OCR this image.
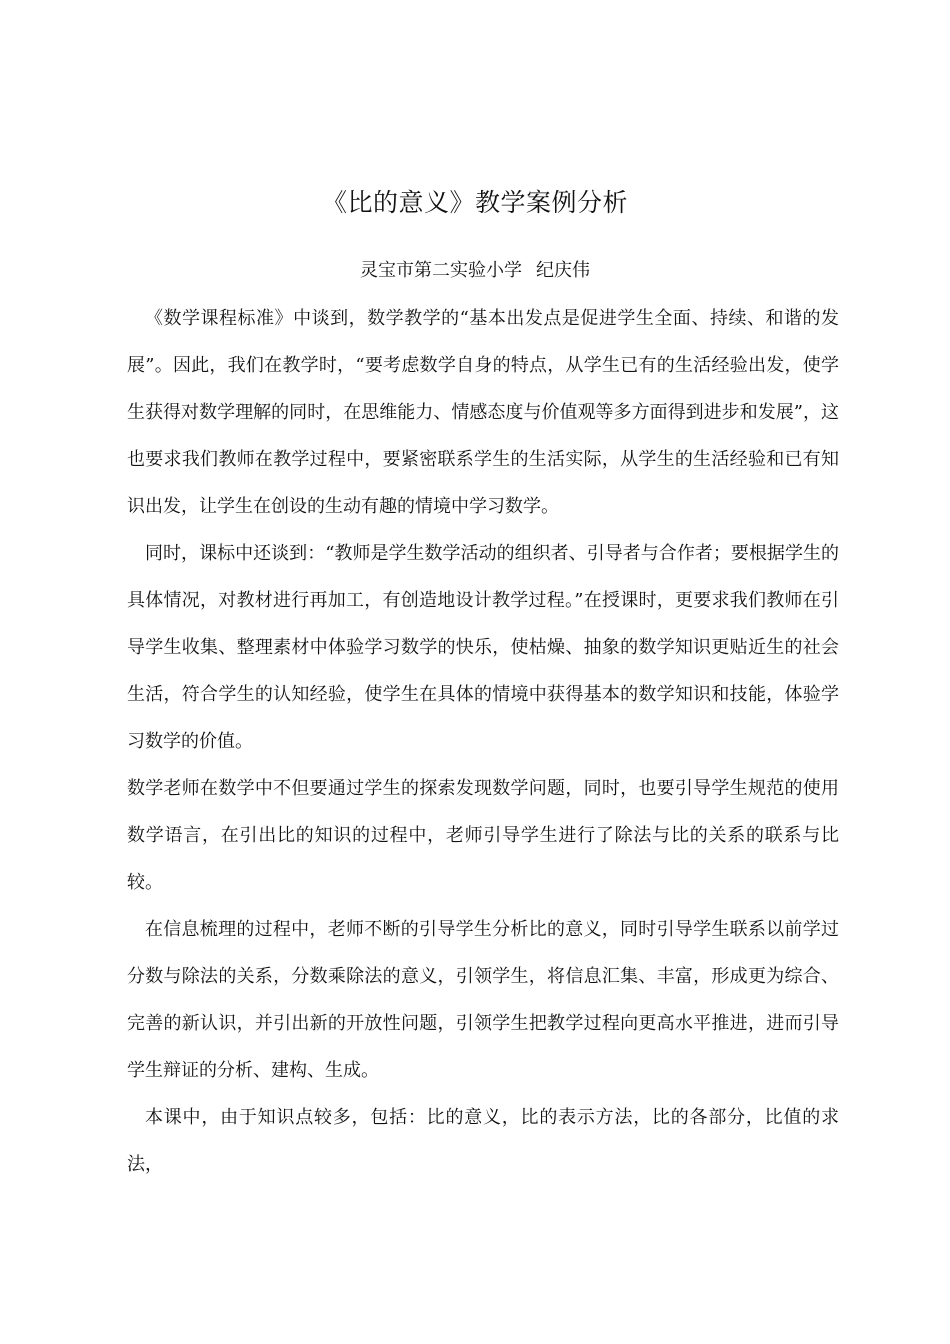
《比的意义》教学案例分析
灵宝市第二实验小学 纪庆伟

《数学课程标准》中谈到，数学教学的“基本出发点是促进学生全面、持续、和谐的发展”。因此，我们在教学时，“要考虑数学自身的特点，从学生已有的生活经验出发，使学生获得对数学理解的同时，在思维能力、情感态度与价值观等多方面得到进步和发展”，这也要求我们教师在教学过程中，要紧密联系学生的生活实际，从学生的生活经验和已有知识出发，让学生在创设的生动有趣的情境中学习数学。

同时，课标中还谈到：“教师是学生数学活动的组织者、引导者与合作者；要根据学生的具体情况，对教材进行再加工，有创造地设计教学过程。”在授课时，更要求我们教师在引导学生收集、整理素材中体验学习数学的快乐，使枯燥、抽象的数学知识更贴近生的社会生活，符合学生的认知经验，使学生在具体的情境中获得基本的数学知识和技能，体验学习数学的价值。

数学老师在数学中不但要通过学生的探索发现数学问题，同时，也要引导学生规范的使用数学语言，在引出比的知识的过程中，老师引导学生进行了除法与比的关系的联系与比较。

在信息梳理的过程中，老师不断的引导学生分析比的意义，同时引导学生联系以前学过分数与除法的关系，分数乘除法的意义，引领学生，将信息汇集、丰富，形成更为综合、完善的新认识，并引出新的开放性问题，引领学生把教学过程向更高水平推进，进而引导学生辩证的分析、建构、生成。

本课中，由于知识点较多，包括：比的意义，比的表示方法，比的各部分，比值的求法，
